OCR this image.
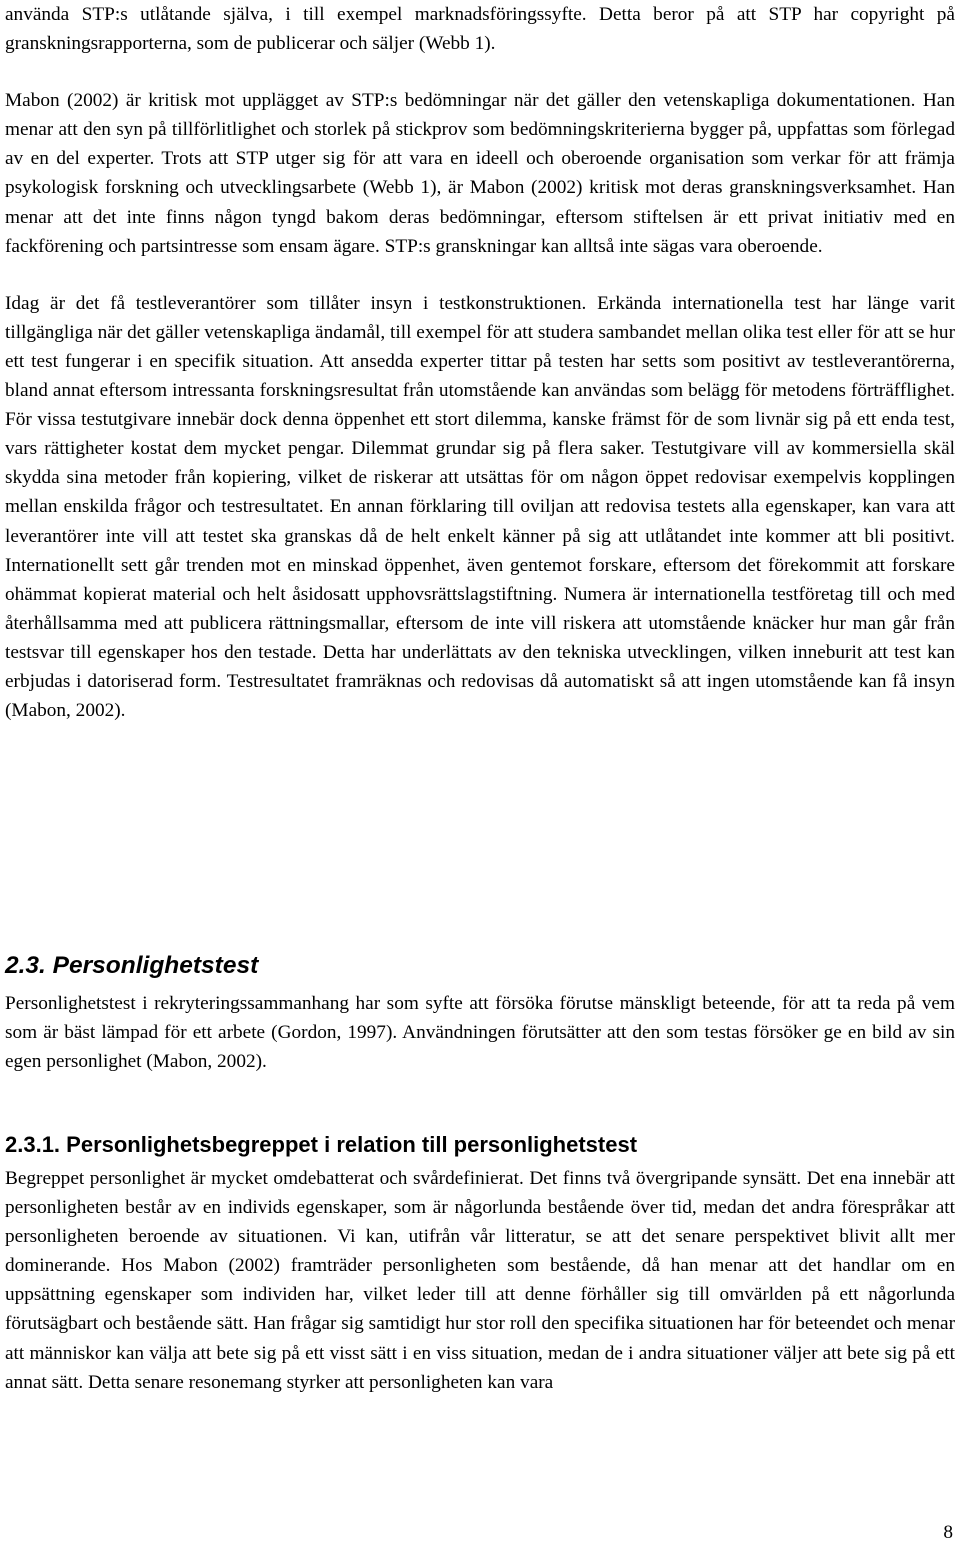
använda STP:s utlåtande själva, i till exempel marknadsföringssyfte. Detta beror på att STP har copyright på granskningsrapporterna, som de publicerar och säljer (Webb 1).

Mabon (2002) är kritisk mot upplägget av STP:s bedömningar när det gäller den vetenskapliga dokumentationen. Han menar att den syn på tillförlitlighet och storlek på stickprov som bedömningskriterierna bygger på, uppfattas som förlegad av en del experter. Trots att STP utger sig för att vara en ideell och oberoende organisation som verkar för att främja psykologisk forskning och utvecklingsarbete (Webb 1), är Mabon (2002) kritisk mot deras granskningsverksamhet. Han menar att det inte finns någon tyngd bakom deras bedömningar, eftersom stiftelsen är ett privat initiativ med en fackförening och partsintresse som ensam ägare. STP:s granskningar kan alltså inte sägas vara oberoende.

Idag är det få testleverantörer som tillåter insyn i testkonstruktionen. Erkända internationella test har länge varit tillgängliga när det gäller vetenskapliga ändamål, till exempel för att studera sambandet mellan olika test eller för att se hur ett test fungerar i en specifik situation. Att ansedda experter tittar på testen har setts som positivt av testleverantörerna, bland annat eftersom intressanta forskningsresultat från utomstående kan användas som belägg för metodens förträfflighet. För vissa testutgivare innebär dock denna öppenhet ett stort dilemma, kanske främst för de som livnär sig på ett enda test, vars rättigheter kostat dem mycket pengar. Dilemmat grundar sig på flera saker. Testutgivare vill av kommersiella skäl skydda sina metoder från kopiering, vilket de riskerar att utsättas för om någon öppet redovisar exempelvis kopplingen mellan enskilda frågor och testresultatet. En annan förklaring till oviljan att redovisa testets alla egenskaper, kan vara att leverantörer inte vill att testet ska granskas då de helt enkelt känner på sig att utlåtandet inte kommer att bli positivt. Internationellt sett går trenden mot en minskad öppenhet, även gentemot forskare, eftersom det förekommit att forskare ohämmat kopierat material och helt åsidosatt upphovsrättslagstiftning. Numera är internationella testföretag till och med återhållsamma med att publicera rättningsmallar, eftersom de inte vill riskera att utomstående knäcker hur man går från testsvar till egenskaper hos den testade. Detta har underlättats av den tekniska utvecklingen, vilken inneburit att test kan erbjudas i datoriserad form. Testresultatet framräknas och redovisas då automatiskt så att ingen utomstående kan få insyn (Mabon, 2002).

2.3. Personlighetstest

Personlighetstest i rekryteringssammanhang har som syfte att försöka förutse mänskligt beteende, för att ta reda på vem som är bäst lämpad för ett arbete (Gordon, 1997). Användningen förutsätter att den som testas försöker ge en bild av sin egen personlighet (Mabon, 2002).

2.3.1. Personlighetsbegreppet i relation till personlighetstest

Begreppet personlighet är mycket omdebatterat och svårdefinierat. Det finns två övergripande synsätt. Det ena innebär att personligheten består av en individs egenskaper, som är någorlunda bestående över tid, medan det andra förespråkar att personligheten beroende av situationen. Vi kan, utifrån vår litteratur, se att det senare perspektivet blivit allt mer dominerande. Hos Mabon (2002) framträder personligheten som bestående, då han menar att det handlar om en uppsättning egenskaper som individen har, vilket leder till att denne förhåller sig till omvärlden på ett någorlunda förutsägbart och bestående sätt. Han frågar sig samtidigt hur stor roll den specifika situationen har för beteendet och menar att människor kan välja att bete sig på ett visst sätt i en viss situation, medan de i andra situationer väljer att bete sig på ett annat sätt. Detta senare resonemang styrker att personligheten kan vara

8
